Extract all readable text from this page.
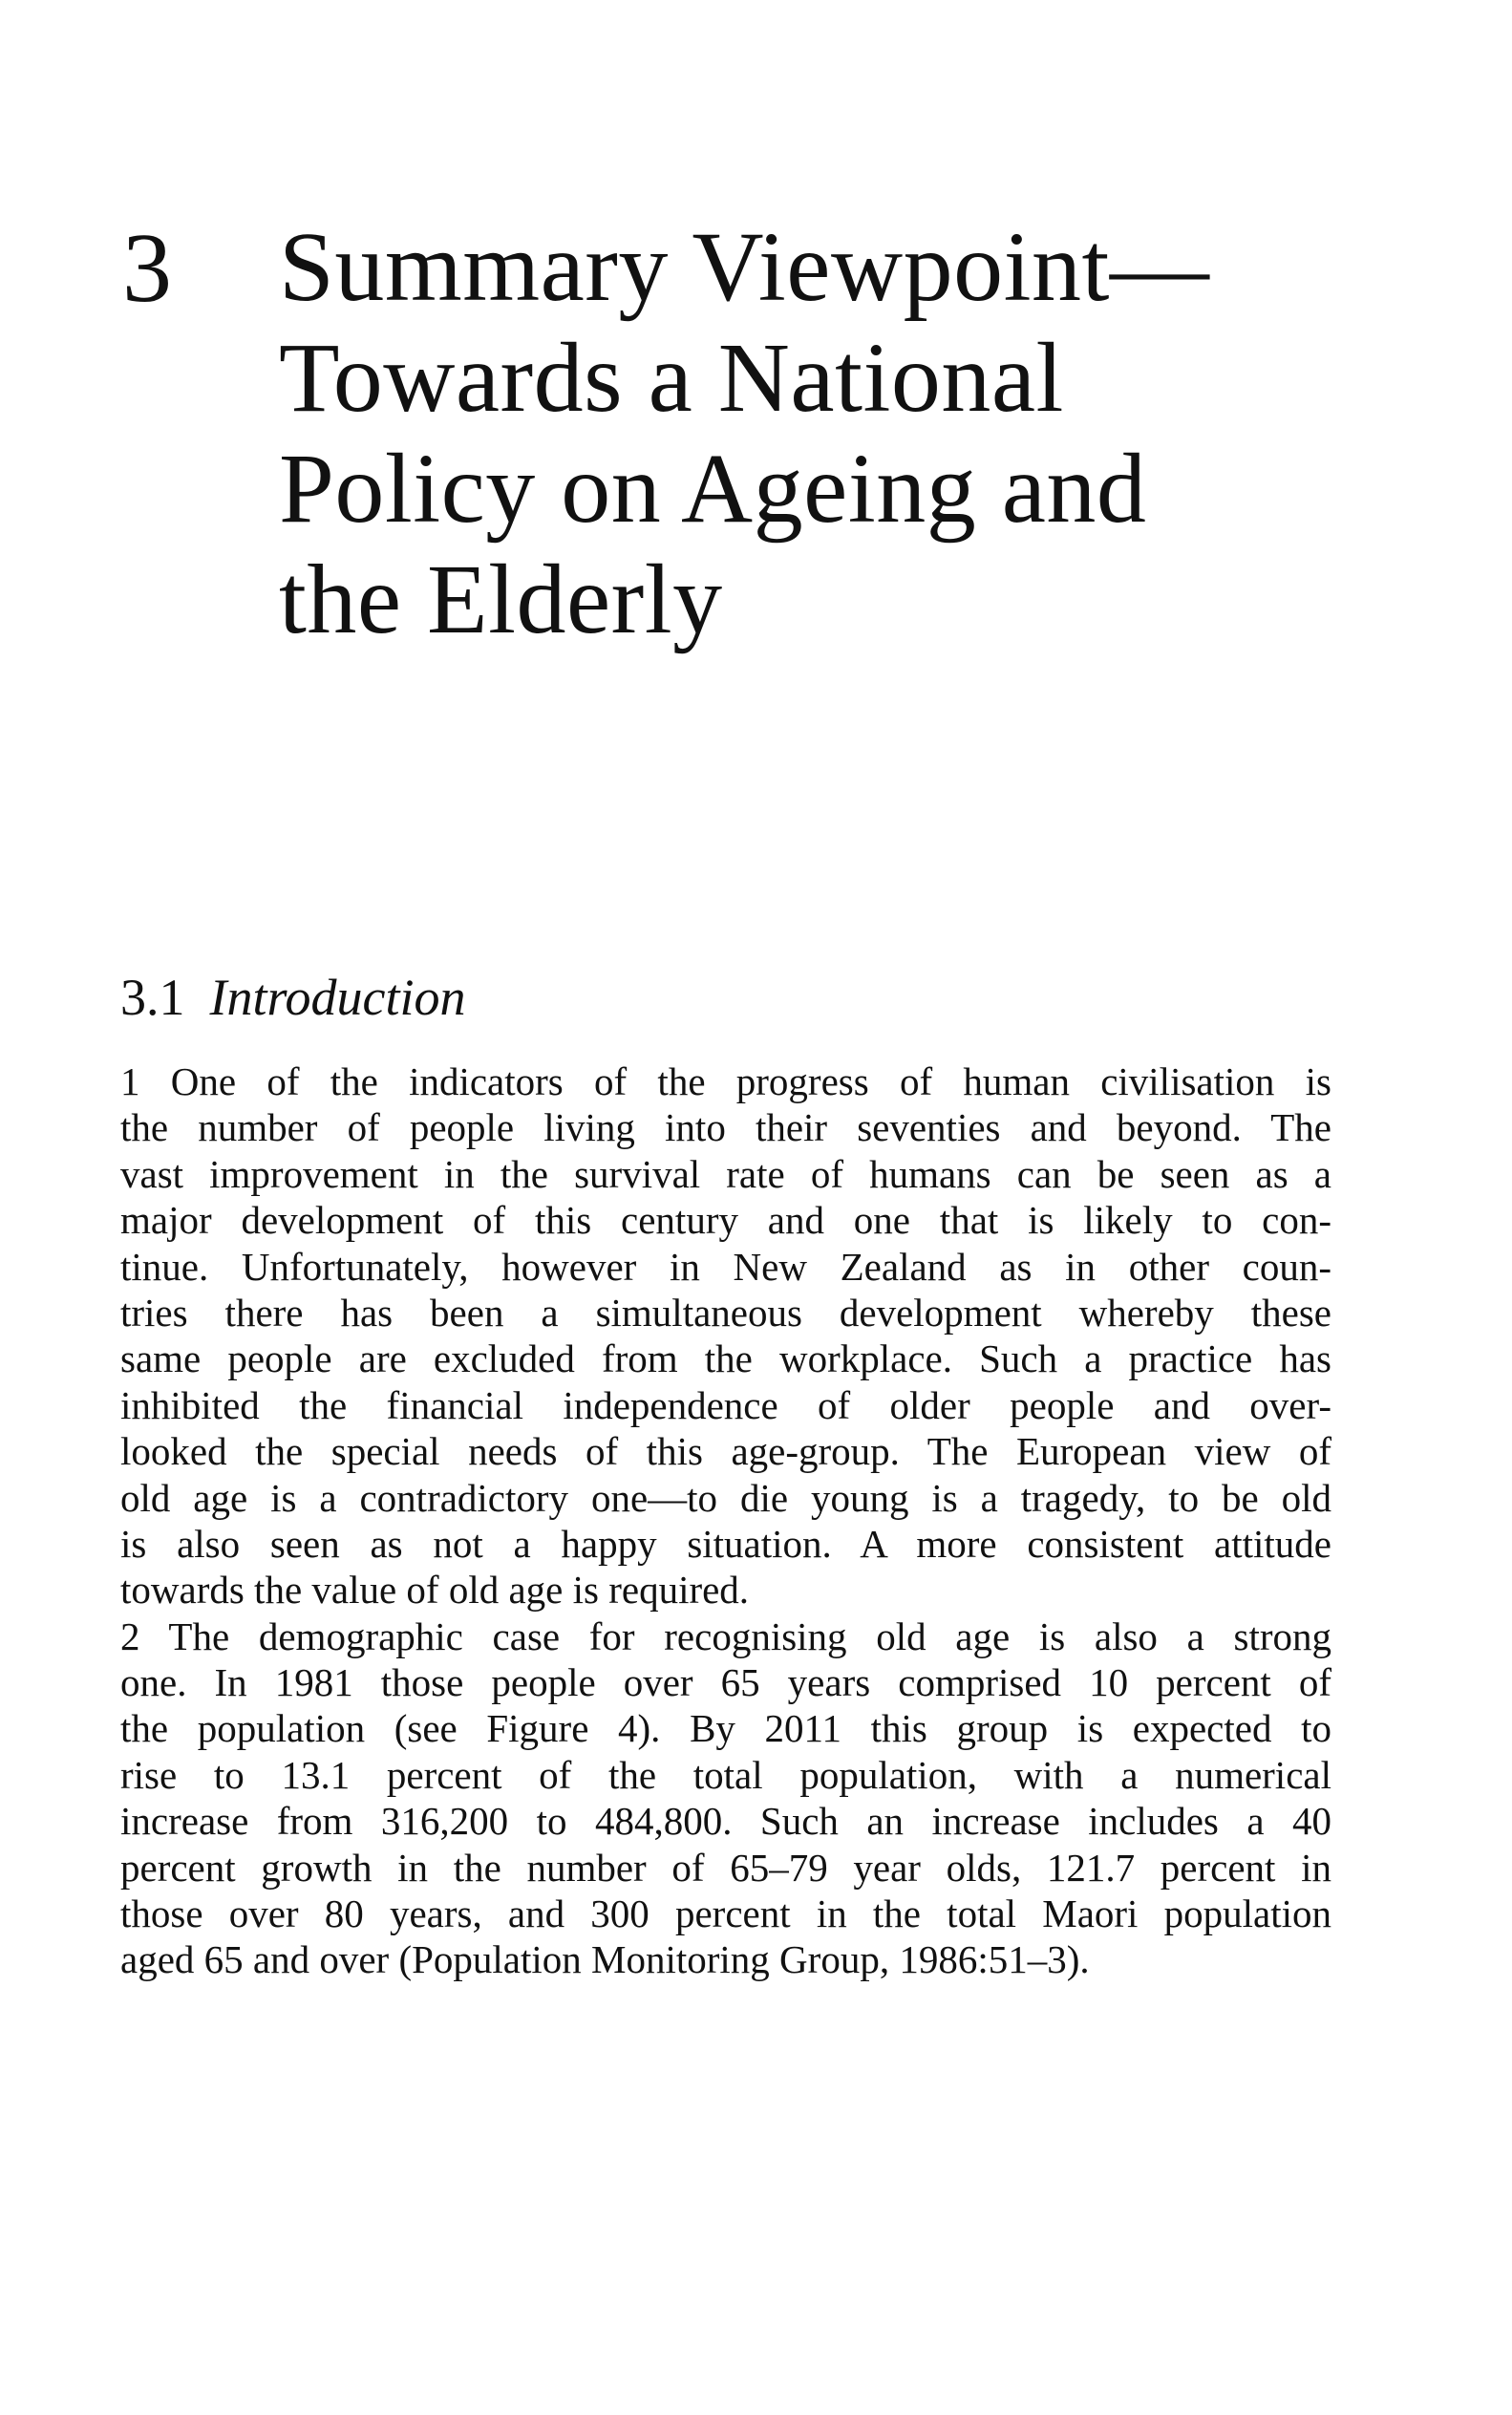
3 Summary Viewpoint—
Towards a National
Policy on Ageing and
the Elderly
3.1 Introduction
1 One of the indicators of the progress of human civilisation is
the number of people living into their seventies and beyond. The
vast improvement in the survival rate of humans can be seen as a
major development of this century and one that is likely to con-
tinue. Unfortunately, however in New Zealand as in other coun-
tries there has been a simultaneous development whereby these
same people are excluded from the workplace. Such a practice has
inhibited the financial independence of older people and over-
looked the special needs of this age-group. The European view of
old age is a contradictory one—to die young is a tragedy, to be old
is also seen as not a happy situation. A more consistent attitude
towards the value of old age is required.
2 The demographic case for recognising old age is also a strong
one. In 1981 those people over 65 years comprised 10 percent of
the population (see Figure 4). By 2011 this group is expected to
rise to 13.1 percent of the total population, with a numerical
increase from 316,200 to 484,800. Such an increase includes a 40
percent growth in the number of 65–79 year olds, 121.7 percent in
those over 80 years, and 300 percent in the total Maori population
aged 65 and over (Population Monitoring Group, 1986:51–3).
